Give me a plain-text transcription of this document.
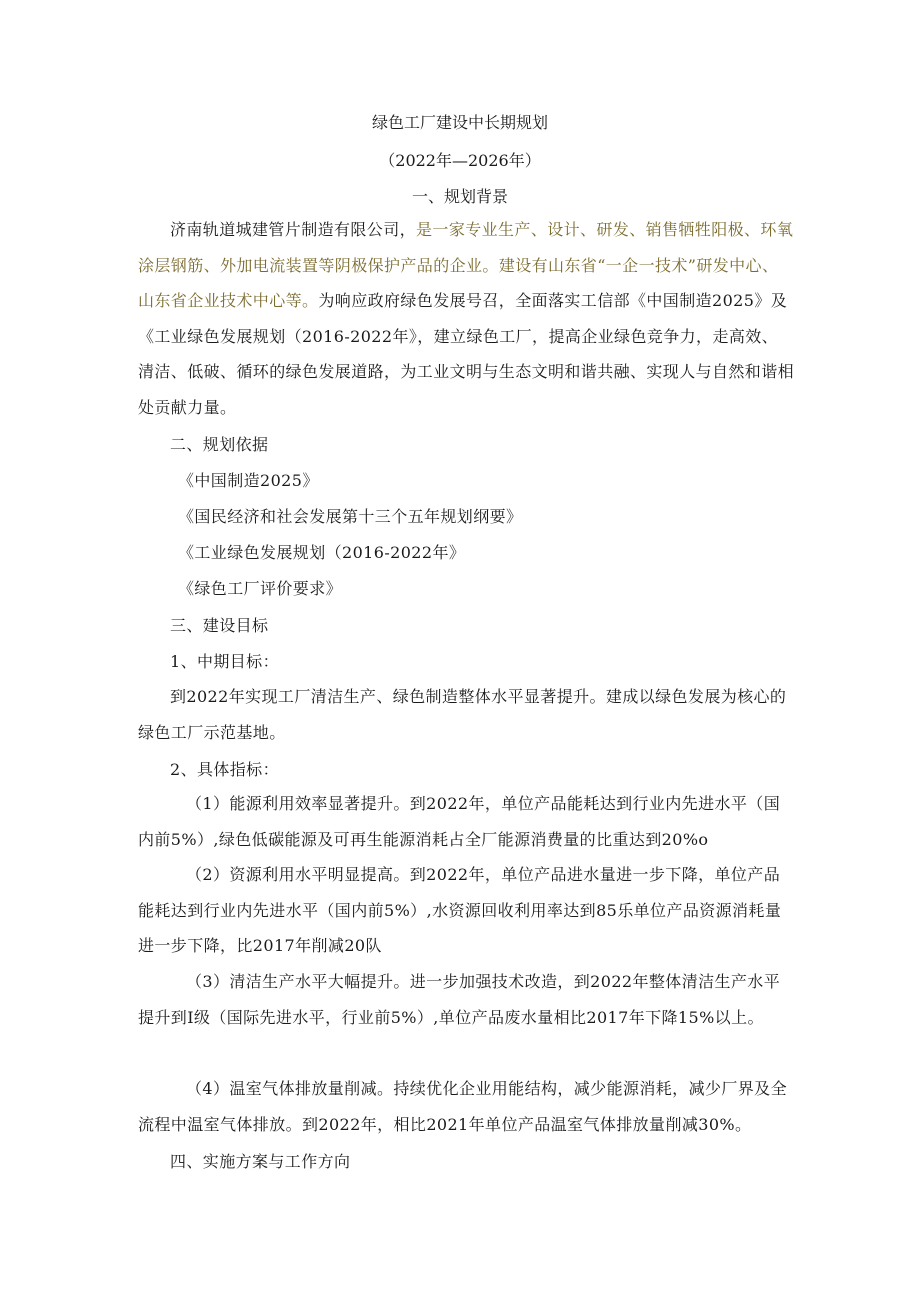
绿色工厂建设中长期规划
（2022年—2026年）
一、规划背景
济南轨道城建管片制造有限公司，是一家专业生产、设计、研发、销售牺牲阳极、环氧涂层钢筋、外加电流装置等阴极保护产品的企业。建设有山东省“一企一技术”研发中心、山东省企业技术中心等。为响应政府绿色发展号召，全面落实工信部《中国制造2025》及《工业绿色发展规划（2016-2022年》，建立绿色工厂，提高企业绿色竞争力，走高效、清洁、低破、循环的绿色发展道路，为工业文明与生态文明和谐共融、实现人与自然和谐相处贡献力量。
二、规划依据
《中国制造2025》
《国民经济和社会发展第十三个五年规划纲要》
《工业绿色发展规划（2016-2022年》
《绿色工厂评价要求》
三、建设目标
1、中期目标：
到2022年实现工厂清洁生产、绿色制造整体水平显著提升。建成以绿色发展为核心的绿色工厂示范基地。
2、具体指标：
（1）能源利用效率显著提升。到2022年，单位产品能耗达到行业内先进水平（国内前5%）,绿色低碳能源及可再生能源消耗占全厂能源消费量的比重达到20%o
（2）资源利用水平明显提高。到2022年，单位产品进水量进一步下降，单位产品能耗达到行业内先进水平（国内前5%）,水资源回收利用率达到85乐单位产品资源消耗量进一步下降，比2017年削减20队
（3）清洁生产水平大幅提升。进一步加强技术改造，到2022年整体清洁生产水平提升到Ⅰ级（国际先进水平，行业前5%）,单位产品废水量相比2017年下降15%以上。
（4）温室气体排放量削减。持续优化企业用能结构，减少能源消耗，减少厂界及全流程中温室气体排放。到2022年，相比2021年单位产品温室气体排放量削减30%。
四、实施方案与工作方向
